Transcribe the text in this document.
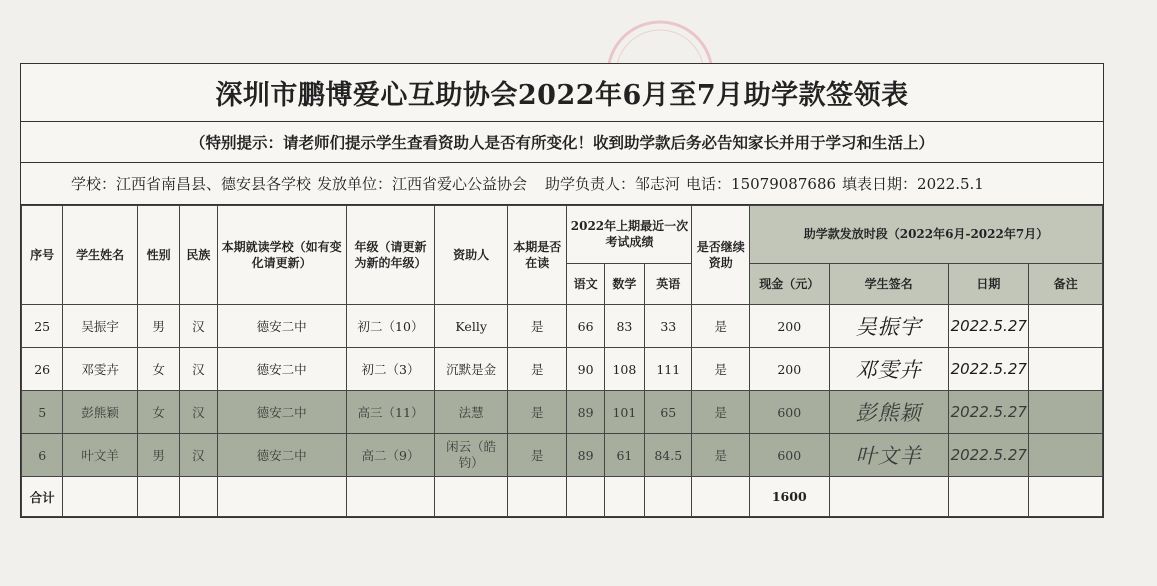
深圳市鹏博爱心互助协会2022年6月至7月助学款签领表
（特别提示：请老师们提示学生查看资助人是否有所变化！收到助学款后务必告知家长并用于学习和生活上）
学校：江西省南昌县、德安县各学校 发放单位：江西省爱心公益协会 助学负责人：邹志河 电话：15079087686 填表日期：2022.5.1
序号	学生姓名	性别	民族	本期就读学校（如有变化请更新）	年级（请更新为新的年级）	资助人	本期是否在读	2022年上期最近一次考试成绩			是否继续资助	助学款发放时段（2022年6月-2022年7月）			
								语文	数学	英语		现金（元）	学生签名	日期	备注
25	吴振宇	男	汉	德安二中	初二（10）	Kelly	是	66	83	33	是	200	吴振宇	2022.5.27	
26	邓雯卉	女	汉	德安二中	初二（3）	沉默是金	是	90	108	111	是	200	邓雯卉	2022.5.27	
5	彭熊颖	女	汉	德安二中	高三（11）	法慧	是	89	101	65	是	600	彭熊颖	2022.5.27	
6	叶文羊	男	汉	德安二中	高二（9）	闲云（皓钧）	是	89	61	84.5	是	600	叶文羊	2022.5.27	
合计												1600			
